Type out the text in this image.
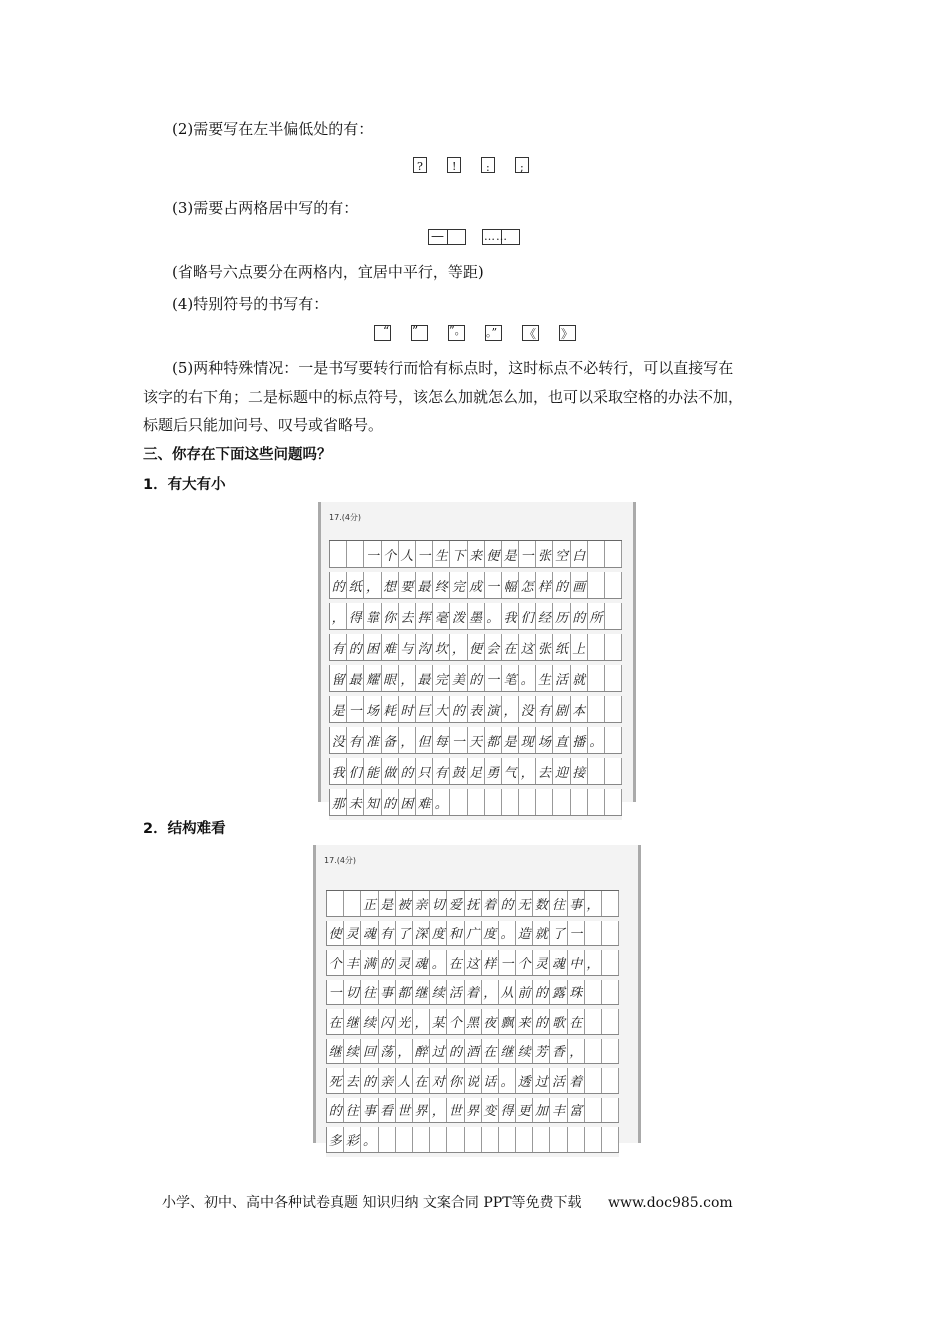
(2)需要写在左半偏低处的有：
?	!	:	;
(3)需要占两格居中写的有：
—	……
(省略号六点要分在两格内，宜居中平行，等距)
(4)特别符号的书写有：
“ ”	”。 。” 《 》
(5)两种特殊情况：一是书写要转行而恰有标点时，这时标点不必转行，可以直接写在
该字的右下角；二是标题中的标点符号，该怎么加就怎么加，也可以采取空格的办法不加，
标题后只能加问号、叹号或省略号。
三、你存在下面这些问题吗？
1．有大有小
17.(4分)
一 个 人 一 生 下 来 便 是 一 张 空 白
的 纸 ， 想 要 最 终 完 成 一 幅 怎 样 的 画
， 得 靠 你 去 挥 毫 泼 墨 。 我 们 经 历 的 所
有 的 困 难 与 沟 坎 ， 便 会 在 这 张 纸 上
留 最 耀 眼 ， 最 完 美 的 一 笔 。 生 活 就
是 一 场 耗 时 巨 大 的 表 演 ， 没 有 剧 本
没 有 准 备 ， 但 每 一 天 都 是 现 场 直 播 。
我 们 能 做 的 只 有 鼓 足 勇 气 ， 去 迎 接
那 未 知 的 困 难 。
2．结构难看
17.(4分)
正 是 被 亲 切 爱 抚 着 的 无 数 往 事 ，
使 灵 魂 有 了 深 度 和 广 度 。 造 就 了 一
个 丰 满 的 灵 魂 。 在 这 样 一 个 灵 魂 中 ，
一 切 往 事 都 继 续 活 着 ， 从 前 的 露 珠
在 继 续 闪 光 ， 某 个 黑 夜 飘 来 的 歌 在
继 续 回 荡 ， 醉 过 的 酒 在 继 续 芳 香 ，
死 去 的 亲 人 在 对 你 说 话 。 透 过 活 着
的 往 事 看 世 界 ， 世 界 变 得 更 加 丰 富
多 彩 。
小学、初中、高中各种试卷真题 知识归纳 文案合同 PPT等免费下载 www.doc985.com
